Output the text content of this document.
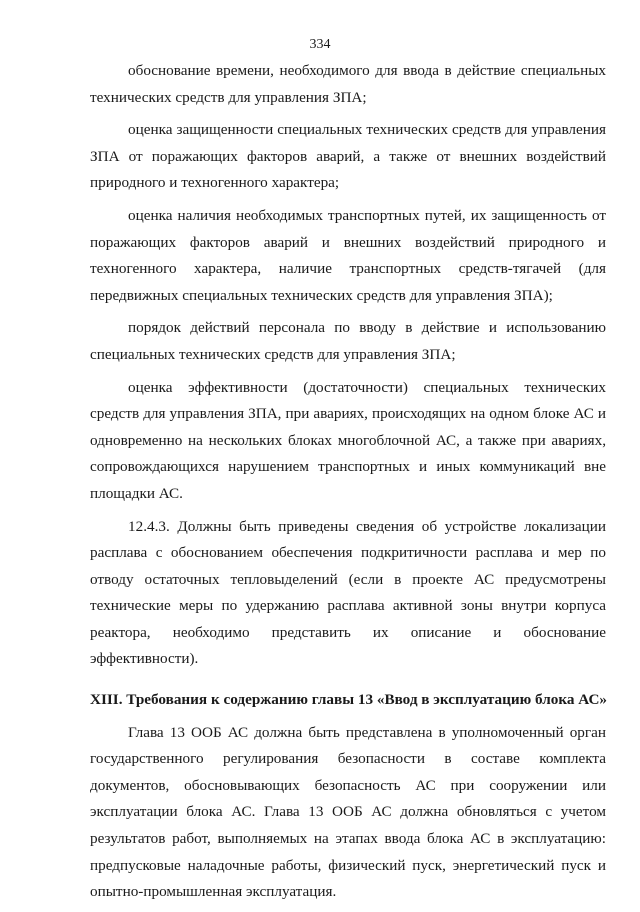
334

обоснование времени, необходимого для ввода в действие специальных технических средств для управления ЗПА;

оценка защищенности специальных технических средств для управления ЗПА от поражающих факторов аварий, а также от внешних воздействий природного и техногенного характера;

оценка наличия необходимых транспортных путей, их защищенность от поражающих факторов аварий и внешних воздействий природного и техногенного характера, наличие транспортных средств-тягачей (для передвижных специальных технических средств для управления ЗПА);

порядок действий персонала по вводу в действие и использованию специальных технических средств для управления ЗПА;

оценка эффективности (достаточности) специальных технических средств для управления ЗПА, при авариях, происходящих на одном блоке АС и одновременно на нескольких блоках многоблочной АС, а также при авариях, сопровождающихся нарушением транспортных и иных коммуникаций вне площадки АС.

12.4.3. Должны быть приведены сведения об устройстве локализации расплава с обоснованием обеспечения подкритичности расплава и мер по отводу остаточных тепловыделений (если в проекте АС предусмотрены технические меры по удержанию расплава активной зоны внутри корпуса реактора, необходимо представить их описание и обоснование эффективности).

XIII. Требования к содержанию главы 13 «Ввод в эксплуатацию блока АС»

Глава 13 ООБ АС должна быть представлена в уполномоченный орган государственного регулирования безопасности в составе комплекта документов, обосновывающих безопасность АС при сооружении или эксплуатации блока АС. Глава 13 ООБ АС должна обновляться с учетом результатов работ, выполняемых на этапах ввода блока АС в эксплуатацию: предпусковые наладочные работы, физический пуск, энергетический пуск и опытно-промышленная эксплуатация.
